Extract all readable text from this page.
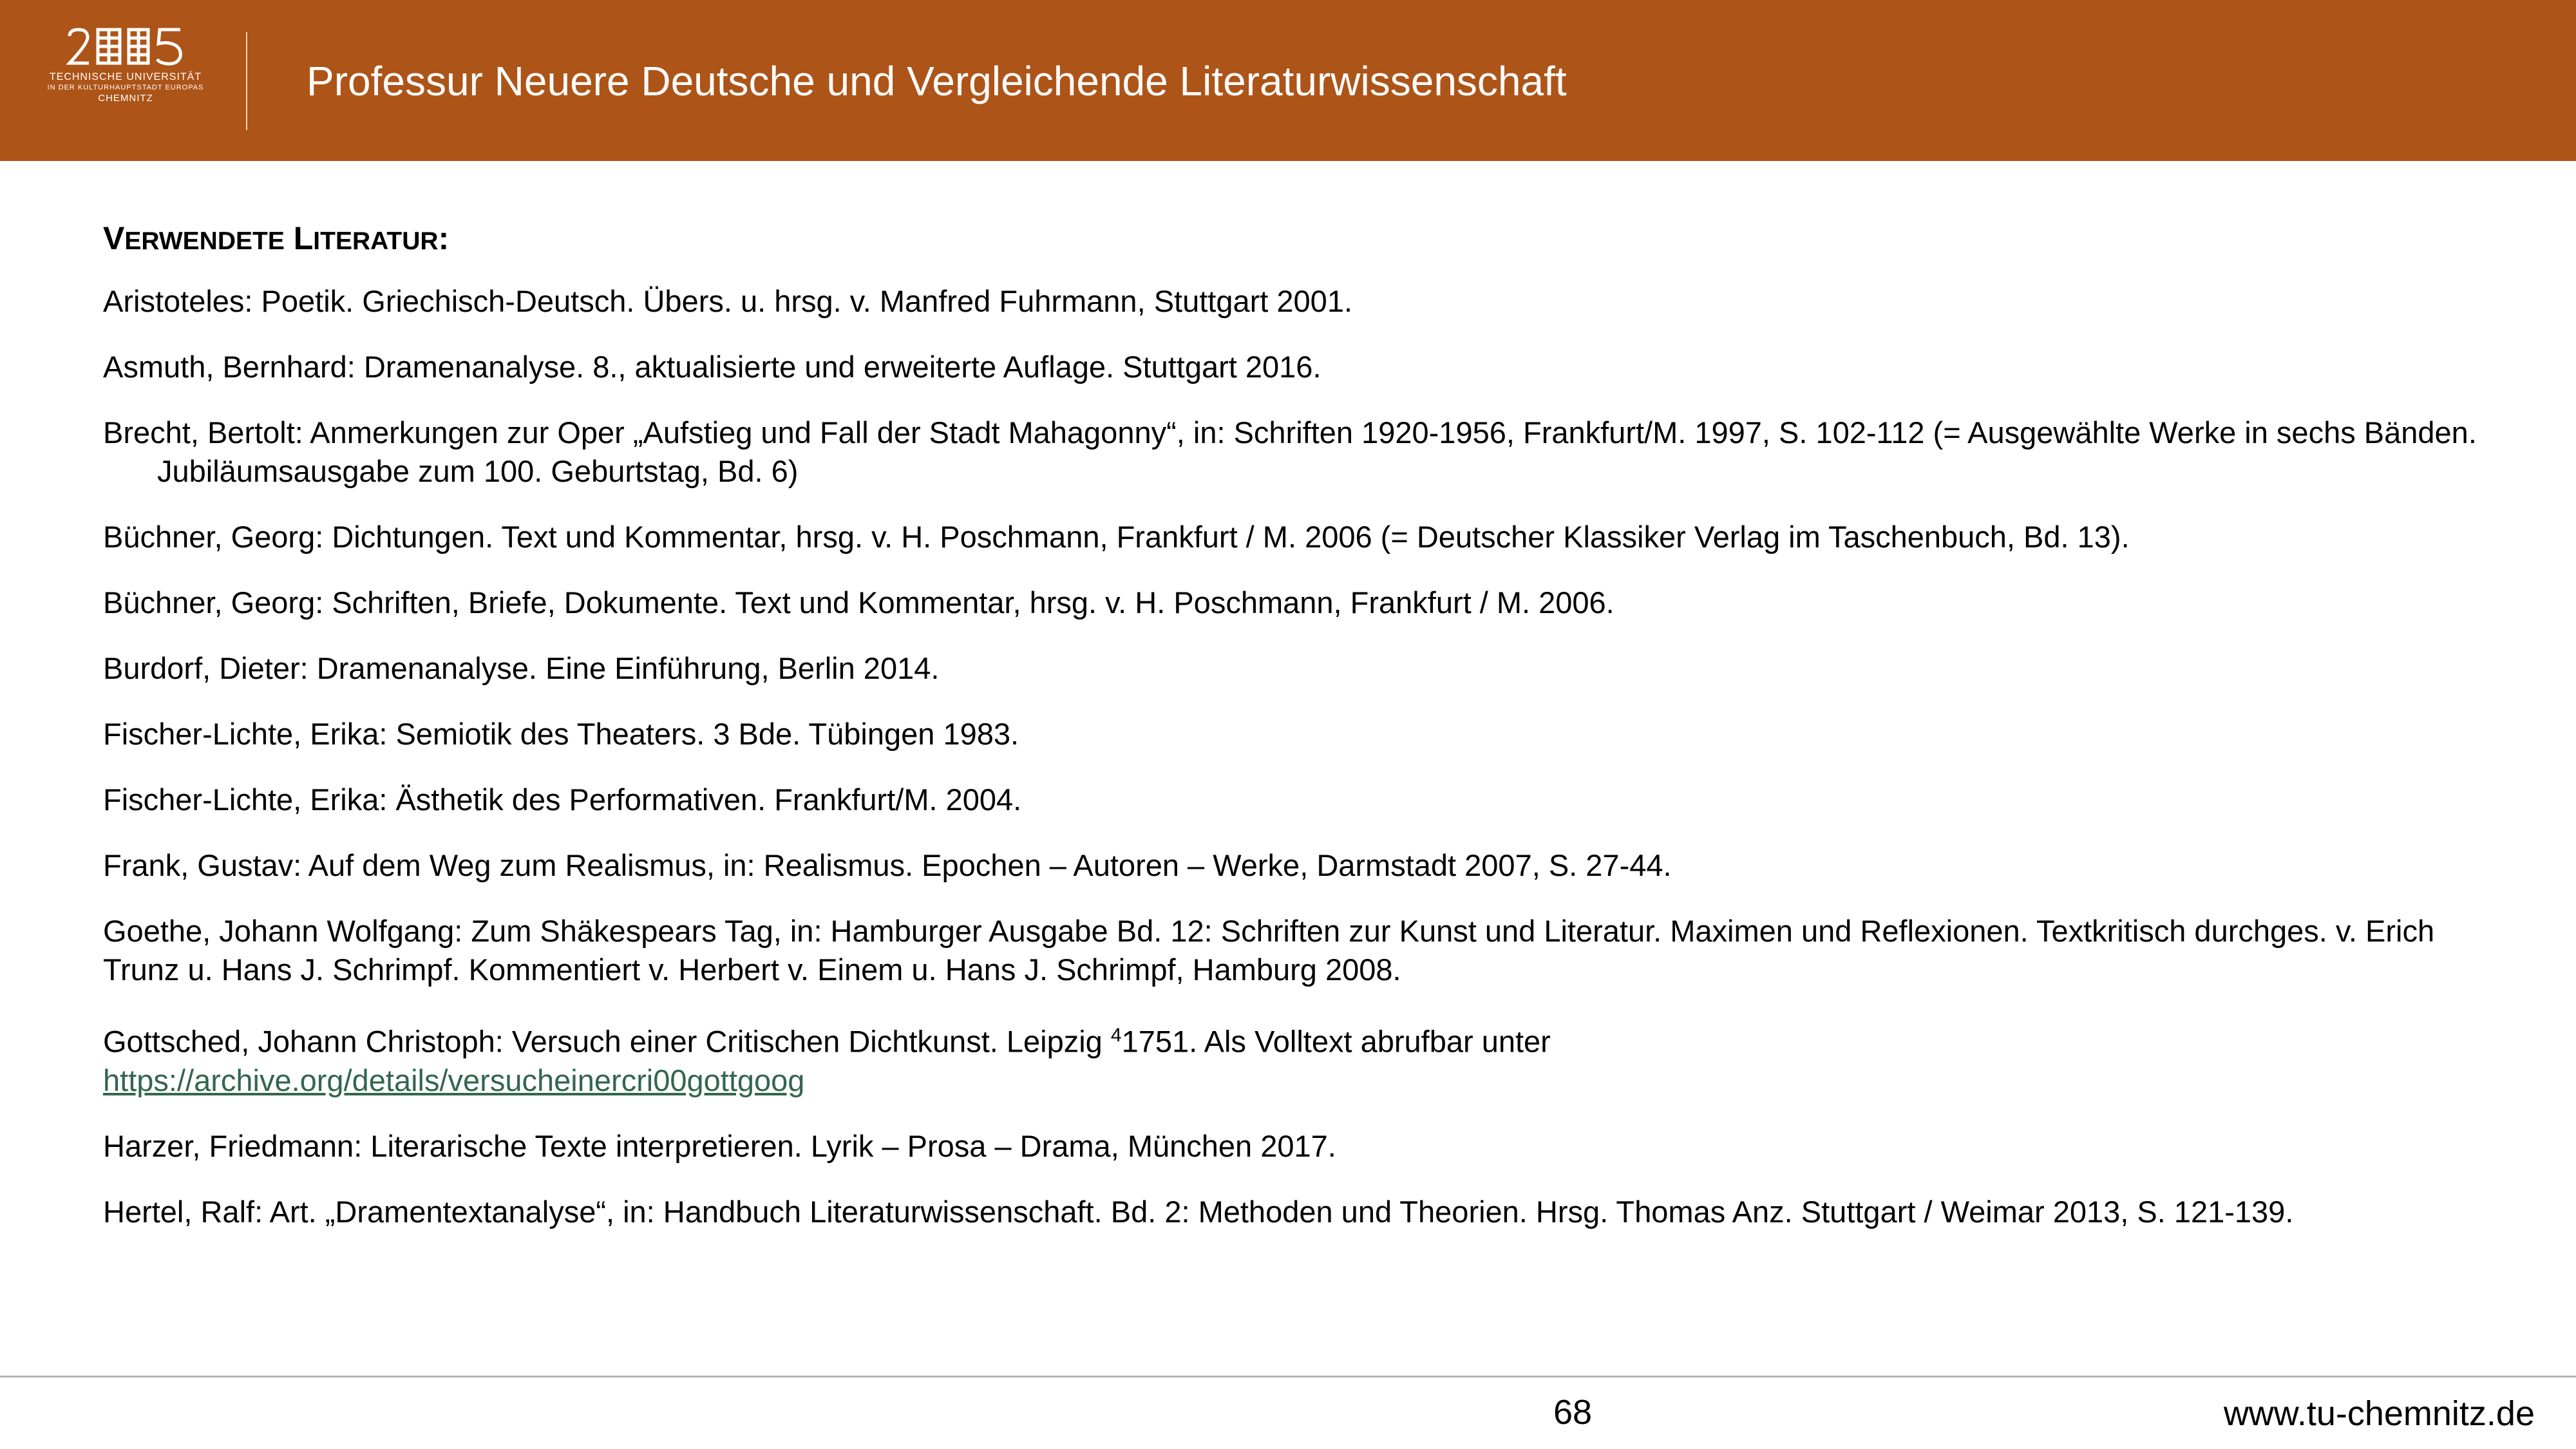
TECHNISCHE UNIVERSITÄT
IN DER KULTURHAUPTSTADT EUROPAS
CHEMNITZ	Professur Neuere Deutsche und Vergleichende Literaturwissenschaft
VERWENDETE LITERATUR:
Aristoteles: Poetik. Griechisch-Deutsch. Übers. u. hrsg. v. Manfred Fuhrmann, Stuttgart 2001.
Asmuth, Bernhard: Dramenanalyse. 8., aktualisierte und erweiterte Auflage. Stuttgart 2016.
Brecht, Bertolt: Anmerkungen zur Oper „Aufstieg und Fall der Stadt Mahagonny“, in: Schriften 1920-1956, Frankfurt/M. 1997, S. 102-112 (= Ausgewählte Werke in sechs Bänden. Jubiläumsausgabe zum 100. Geburtstag, Bd. 6)
Büchner, Georg: Dichtungen. Text und Kommentar, hrsg. v. H. Poschmann, Frankfurt / M. 2006 (= Deutscher Klassiker Verlag im Taschenbuch, Bd. 13).
Büchner, Georg: Schriften, Briefe, Dokumente. Text und Kommentar, hrsg. v. H. Poschmann, Frankfurt / M. 2006.
Burdorf, Dieter: Dramenanalyse. Eine Einführung, Berlin 2014.
Fischer-Lichte, Erika: Semiotik des Theaters. 3 Bde. Tübingen 1983.
Fischer-Lichte, Erika: Ästhetik des Performativen. Frankfurt/M. 2004.
Frank, Gustav: Auf dem Weg zum Realismus, in: Realismus. Epochen – Autoren – Werke, Darmstadt 2007, S. 27-44.
Goethe, Johann Wolfgang: Zum Shäkespears Tag, in: Hamburger Ausgabe Bd. 12: Schriften zur Kunst und Literatur. Maximen und Reflexionen. Textkritisch durchges. v. Erich Trunz u. Hans J. Schrimpf. Kommentiert v. Herbert v. Einem u. Hans J. Schrimpf, Hamburg 2008.
Gottsched, Johann Christoph: Versuch einer Critischen Dichtkunst. Leipzig $^4$1751. Als Volltext abrufbar unter
https://archive.org/details/versucheinercri00gottgoog
Harzer, Friedmann: Literarische Texte interpretieren. Lyrik – Prosa – Drama, München 2017.
Hertel, Ralf: Art. „Dramentextanalyse“, in: Handbuch Literaturwissenschaft. Bd. 2: Methoden und Theorien. Hrsg. Thomas Anz. Stuttgart / Weimar 2013, S. 121-139.
68	www.tu-chemnitz.de
